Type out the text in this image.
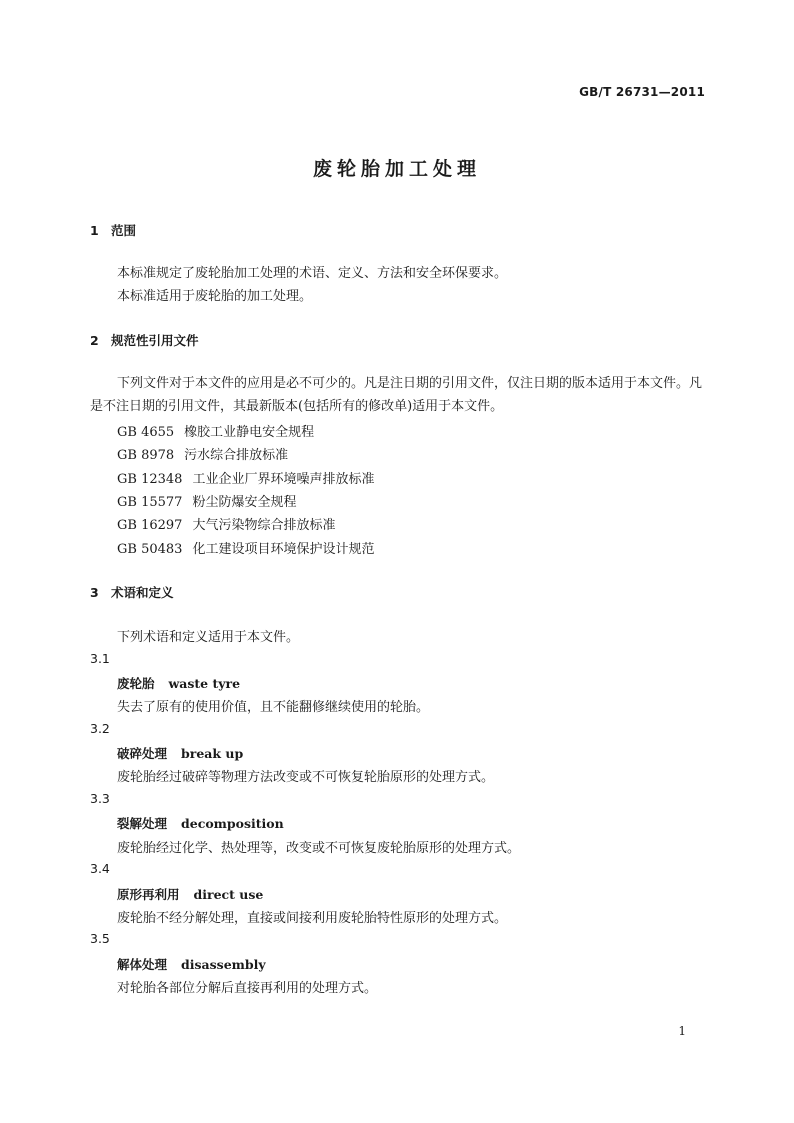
GB/T 26731—2011
废轮胎加工处理
1 范围
本标准规定了废轮胎加工处理的术语、定义、方法和安全环保要求。
本标准适用于废轮胎的加工处理。
2 规范性引用文件
下列文件对于本文件的应用是必不可少的。凡是注日期的引用文件，仅注日期的版本适用于本文件。凡是不注日期的引用文件，其最新版本(包括所有的修改单)适用于本文件。
GB 4655 橡胶工业静电安全规程
GB 8978 污水综合排放标准
GB 12348 工业企业厂界环境噪声排放标准
GB 15577 粉尘防爆安全规程
GB 16297 大气污染物综合排放标准
GB 50483 化工建设项目环境保护设计规范
3 术语和定义
下列术语和定义适用于本文件。
3.1
废轮胎 waste tyre
失去了原有的使用价值，且不能翻修继续使用的轮胎。
3.2
破碎处理 break up
废轮胎经过破碎等物理方法改变或不可恢复轮胎原形的处理方式。
3.3
裂解处理 decomposition
废轮胎经过化学、热处理等，改变或不可恢复废轮胎原形的处理方式。
3.4
原形再利用 direct use
废轮胎不经分解处理，直接或间接利用废轮胎特性原形的处理方式。
3.5
解体处理 disassembly
对轮胎各部位分解后直接再利用的处理方式。
1
